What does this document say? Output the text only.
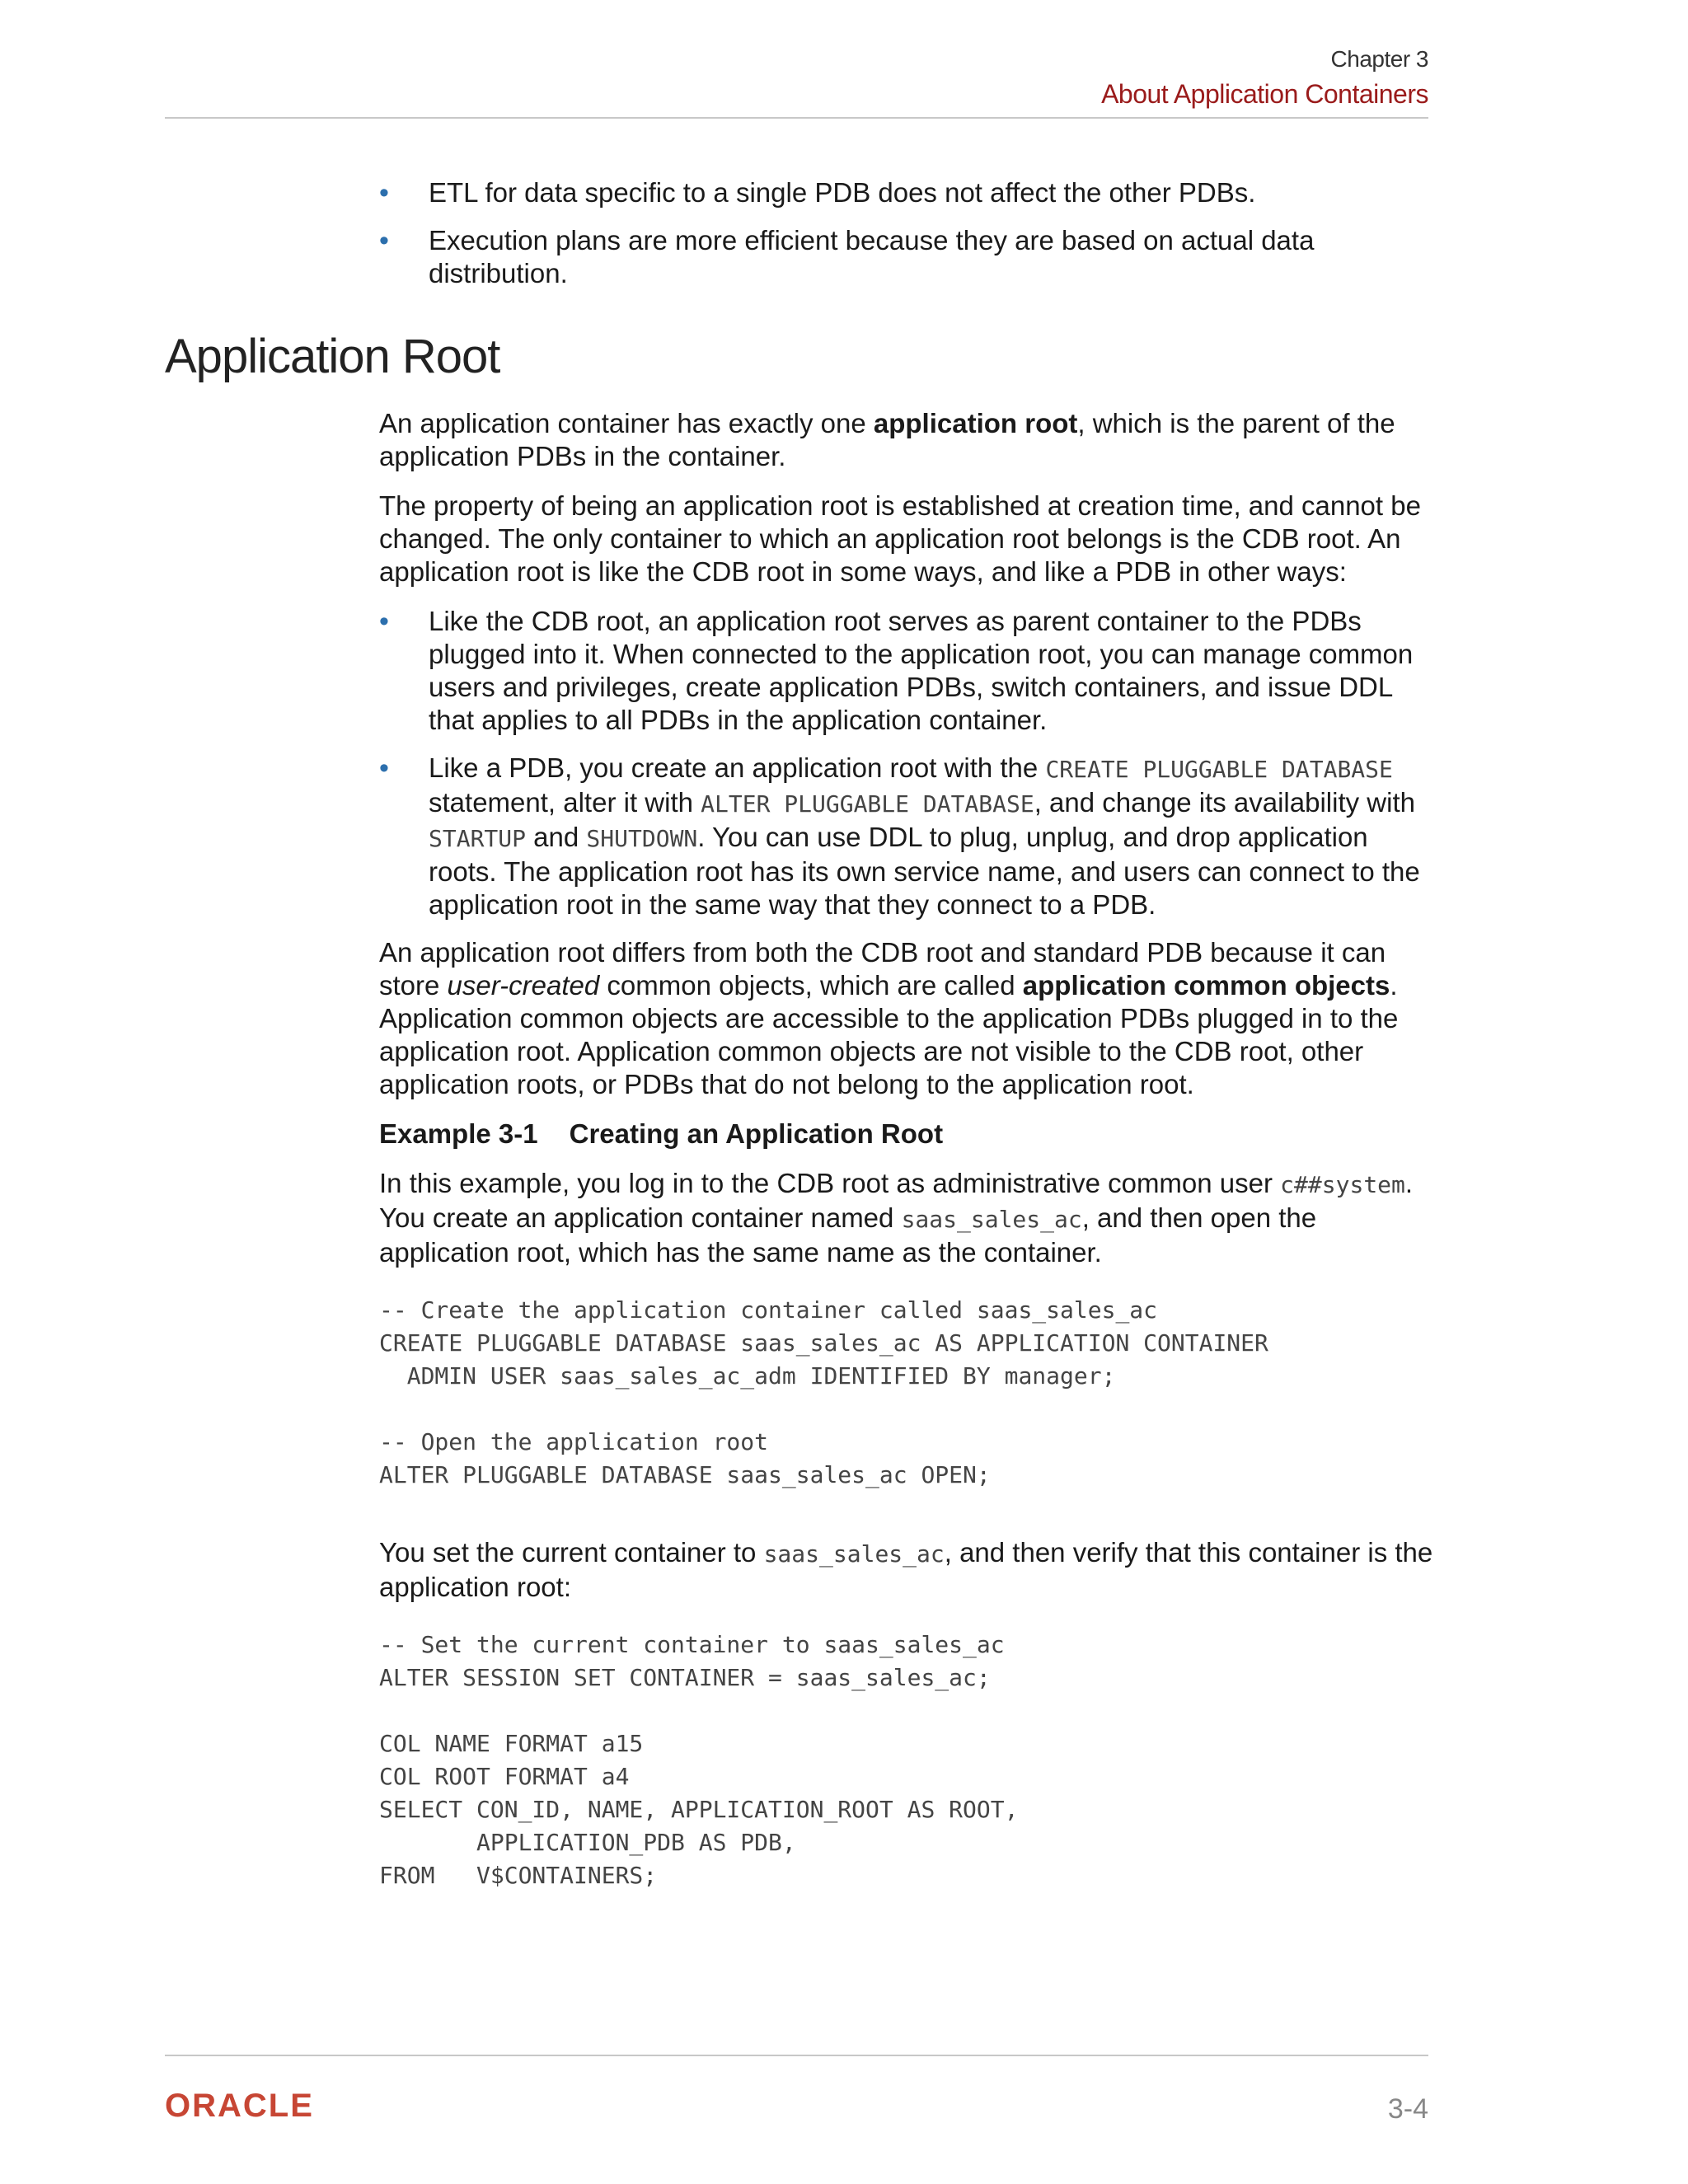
Chapter 3
About Application Containers
• ETL for data specific to a single PDB does not affect the other PDBs.
• Execution plans are more efficient because they are based on actual data distribution.
Application Root

An application container has exactly one application root, which is the parent of the application PDBs in the container.

The property of being an application root is established at creation time, and cannot be changed. The only container to which an application root belongs is the CDB root. An application root is like the CDB root in some ways, and like a PDB in other ways:

• Like the CDB root, an application root serves as parent container to the PDBs plugged into it. When connected to the application root, you can manage common users and privileges, create application PDBs, switch containers, and issue DDL that applies to all PDBs in the application container.
• Like a PDB, you create an application root with the CREATE PLUGGABLE DATABASE statement, alter it with ALTER PLUGGABLE DATABASE, and change its availability with STARTUP and SHUTDOWN. You can use DDL to plug, unplug, and drop application roots. The application root has its own service name, and users can connect to the application root in the same way that they connect to a PDB.

An application root differs from both the CDB root and standard PDB because it can store user-created common objects, which are called application common objects. Application common objects are accessible to the application PDBs plugged in to the application root. Application common objects are not visible to the CDB root, other application roots, or PDBs that do not belong to the application root.

Example 3-1 Creating an Application Root

In this example, you log in to the CDB root as administrative common user c##system. You create an application container named saas_sales_ac, and then open the application root, which has the same name as the container.

-- Create the application container called saas_sales_ac
CREATE PLUGGABLE DATABASE saas_sales_ac AS APPLICATION CONTAINER
ADMIN USER saas_sales_ac_adm IDENTIFIED BY manager;

-- Open the application root
ALTER PLUGGABLE DATABASE saas_sales_ac OPEN;

You set the current container to saas_sales_ac, and then verify that this container is the application root:

-- Set the current container to saas_sales_ac
ALTER SESSION SET CONTAINER = saas_sales_ac;

COL NAME FORMAT a15
COL ROOT FORMAT a4
SELECT CON_ID, NAME, APPLICATION_ROOT AS ROOT,
APPLICATION_PDB AS PDB,
FROM   V$CONTAINERS;
ORACLE	3-4
